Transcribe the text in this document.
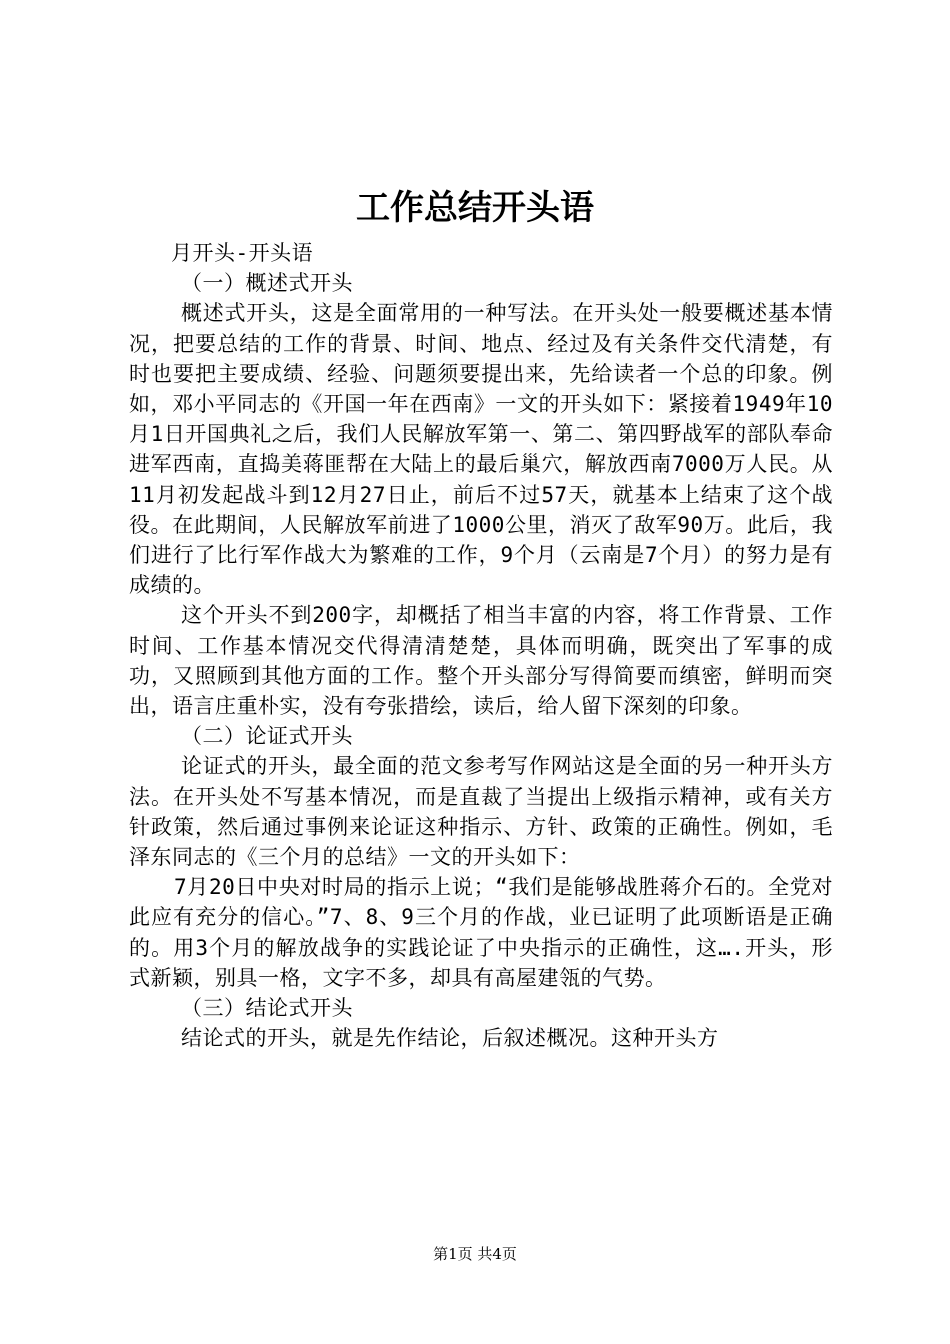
工作总结开头语

月开头-开头语

（一）概述式开头

概述式开头，这是全面常用的一种写法。在开头处一般要概述基本情况，把要总结的工作的背景、时间、地点、经过及有关条件交代清楚，有时也要把主要成绩、经验、问题须要提出来，先给读者一个总的印象。例如，邓小平同志的《开国一年在西南》一文的开头如下：紧接着1949年10月1日开国典礼之后，我们人民解放军第一、第二、第四野战军的部队奉命进军西南，直捣美蒋匪帮在大陆上的最后巢穴，解放西南7000万人民。从11月初发起战斗到12月27日止，前后不过57天，就基本上结束了这个战役。在此期间，人民解放军前进了1000公里，消灭了敌军90万。此后，我们进行了比行军作战大为繁难的工作，9个月（云南是7个月）的努力是有成绩的。

这个开头不到200字，却概括了相当丰富的内容，将工作背景、工作时间、工作基本情况交代得清清楚楚，具体而明确，既突出了军事的成功，又照顾到其他方面的工作。整个开头部分写得简要而缜密，鲜明而突出，语言庄重朴实，没有夸张措绘，读后，给人留下深刻的印象。

（二）论证式开头

论证式的开头，最全面的范文参考写作网站这是全面的另一种开头方法。在开头处不写基本情况，而是直裁了当提出上级指示精神，或有关方针政策，然后通过事例来论证这种指示、方针、政策的正确性。例如，毛泽东同志的《三个月的总结》一文的开头如下：

7月20日中央对时局的指示上说；“我们是能够战胜蒋介石的。全党对此应有充分的信心。”7、8、9三个月的作战，业已证明了此项断语是正确的。用3个月的解放战争的实践论证了中央指示的正确性，这….开头，形式新颖，别具一格，文字不多，却具有高屋建瓴的气势。

（三）结论式开头

结论式的开头，就是先作结论，后叙述概况。这种开头方

第1页 共4页
